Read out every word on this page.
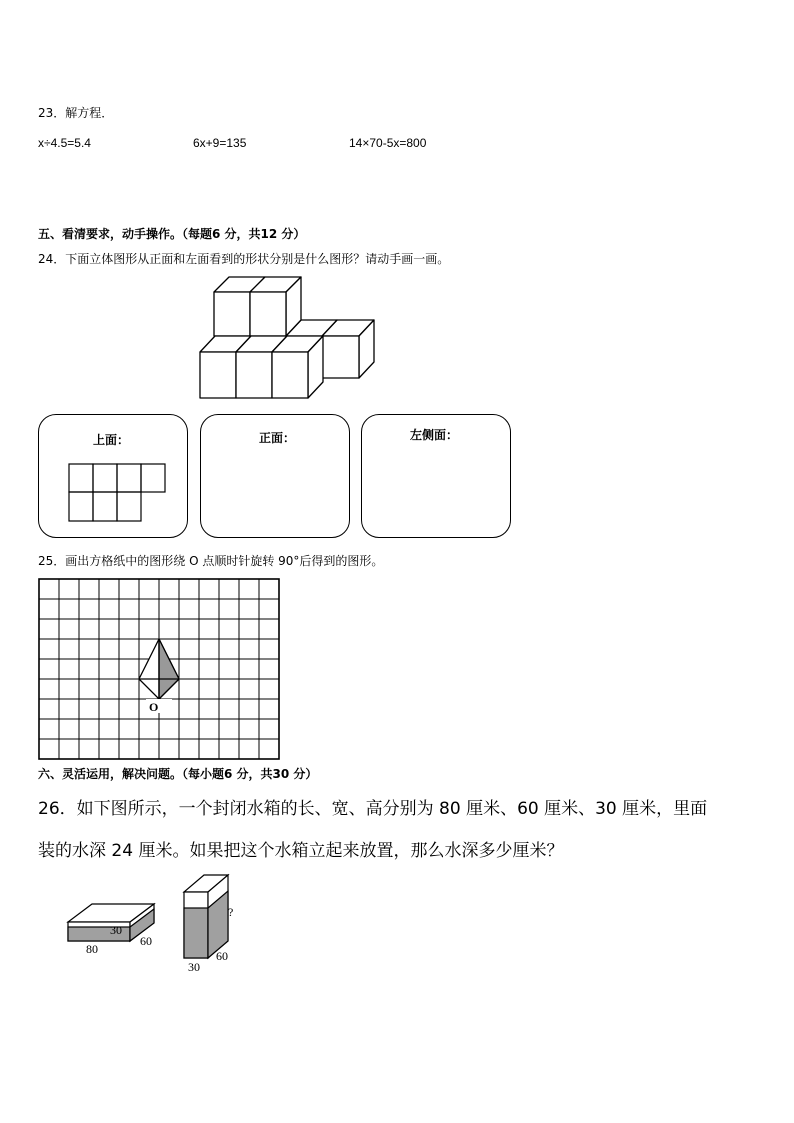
23．解方程．
x÷4.5=5.4	6x+9=135	14×70-5x=800
五、看清要求，动手操作。（每题6 分，共12 分）
24．下面立体图形从正面和左面看到的形状分别是什么图形？请动手画一画。
上面：	正面：	左侧面：
25．画出方格纸中的图形绕 O 点顺时针旋转 90°后得到的图形。
O
六、灵活运用，解决问题。（每小题6 分，共30 分）
26．如下图所示，一个封闭水箱的长、宽、高分别为 80 厘米、60 厘米、30 厘米，里面
装的水深 24 厘米。如果把这个水箱立起来放置，那么水深多少厘米？
30
80
60
?
30
60
